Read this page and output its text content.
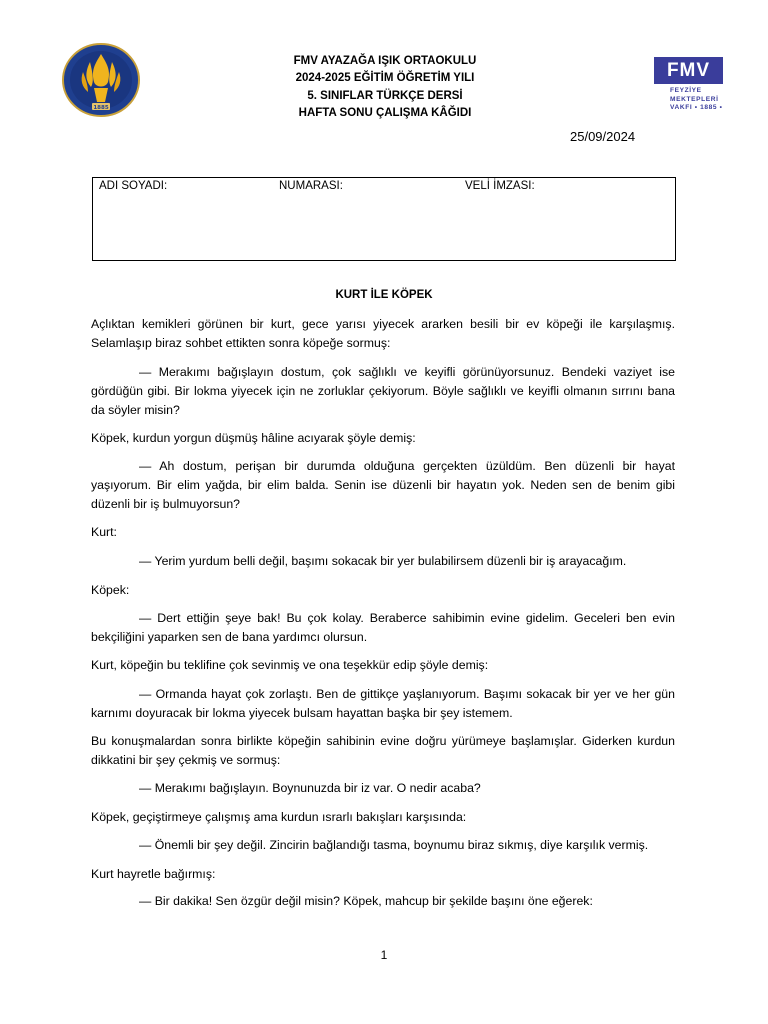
1885
FMV AYAZAĞA IŞIK ORTAOKULU
2024-2025 EĞİTİM ÖĞRETİM YILI
5. SINIFLAR TÜRKÇE DERSİ
HAFTA SONU ÇALIŞMA KÂĞIDI
FMV
FEYZİYE
MEKTEPLERİ
VAKFI • 1885 •
25/09/2024
ADI SOYADI:	NUMARASI:	VELİ İMZASI:
KURT İLE KÖPEK
Açlıktan kemikleri görünen bir kurt, gece yarısı yiyecek ararken besili bir ev köpeği ile karşılaşmış. Selamlaşıp biraz sohbet ettikten sonra köpeğe sormuş:
— Merakımı bağışlayın dostum, çok sağlıklı ve keyifli görünüyorsunuz. Bendeki vaziyet ise gördüğün gibi. Bir lokma yiyecek için ne zorluklar çekiyorum. Böyle sağlıklı ve keyifli olmanın sırrını bana da söyler misin?
Köpek, kurdun yorgun düşmüş hâline acıyarak şöyle demiş:
— Ah dostum, perişan bir durumda olduğuna gerçekten üzüldüm. Ben düzenli bir hayat yaşıyorum. Bir elim yağda, bir elim balda. Senin ise düzenli bir hayatın yok. Neden sen de benim gibi düzenli bir iş bulmuyorsun?
Kurt:
— Yerim yurdum belli değil, başımı sokacak bir yer bulabilirsem düzenli bir iş arayacağım.
Köpek:
— Dert ettiğin şeye bak! Bu çok kolay. Beraberce sahibimin evine gidelim. Geceleri ben evin bekçiliğini yaparken sen de bana yardımcı olursun.
Kurt, köpeğin bu teklifine çok sevinmiş ve ona teşekkür edip şöyle demiş:
— Ormanda hayat çok zorlaştı. Ben de gittikçe yaşlanıyorum. Başımı sokacak bir yer ve her gün karnımı doyuracak bir lokma yiyecek bulsam hayattan başka bir şey istemem.
Bu konuşmalardan sonra birlikte köpeğin sahibinin evine doğru yürümeye başlamışlar. Giderken kurdun dikkatini bir şey çekmiş ve sormuş:
— Merakımı bağışlayın. Boynunuzda bir iz var. O nedir acaba?
Köpek, geçiştirmeye çalışmış ama kurdun ısrarlı bakışları karşısında:
— Önemli bir şey değil. Zincirin bağlandığı tasma, boynumu biraz sıkmış, diye karşılık vermiş.
Kurt hayretle bağırmış:
— Bir dakika! Sen özgür değil misin? Köpek, mahcup bir şekilde başını öne eğerek:
1
